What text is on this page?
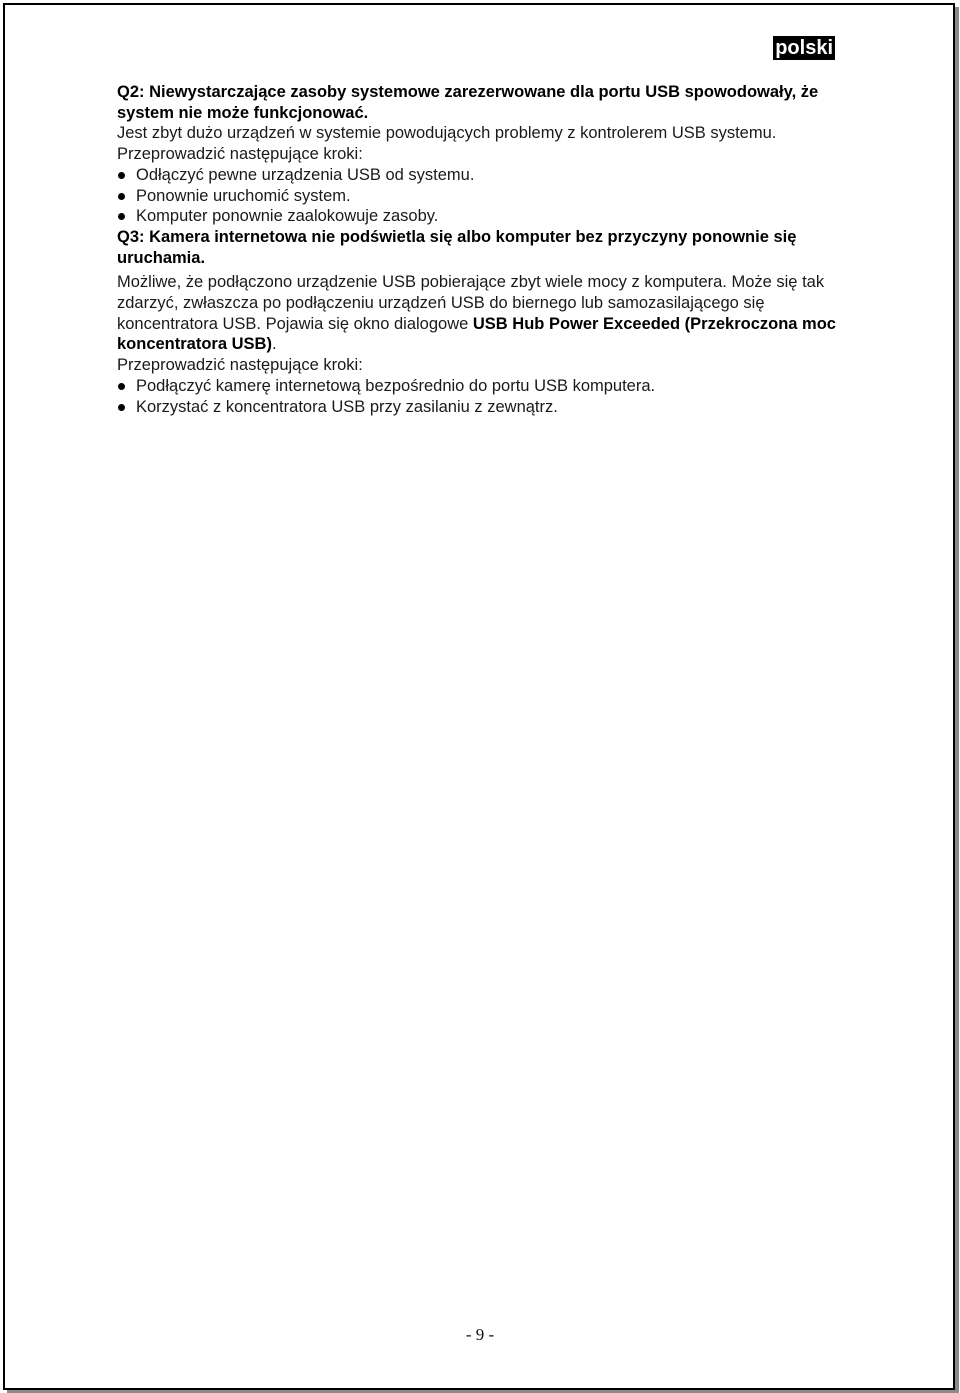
polski

Q2: Niewystarczające zasoby systemowe zarezerwowane dla portu USB spowodowały, że system nie może funkcjonować.

Jest zbyt dużo urządzeń w systemie powodujących problemy z kontrolerem USB systemu.

Przeprowadzić następujące kroki:

Odłączyć pewne urządzenia USB od systemu.
Ponownie uruchomić system.
Komputer ponownie zaalokowuje zasoby.

Q3: Kamera internetowa nie podświetla się albo komputer bez przyczyny ponownie się uruchamia.

Możliwe, że podłączono urządzenie USB pobierające zbyt wiele mocy z komputera. Może się tak zdarzyć, zwłaszcza po podłączeniu urządzeń USB do biernego lub samozasilającego się koncentratora USB. Pojawia się okno dialogowe USB Hub Power Exceeded (Przekroczona moc koncentratora USB).

Przeprowadzić następujące kroki:

Podłączyć kamerę internetową bezpośrednio do portu USB komputera.
Korzystać z koncentratora USB przy zasilaniu z zewnątrz.
- 9 -
